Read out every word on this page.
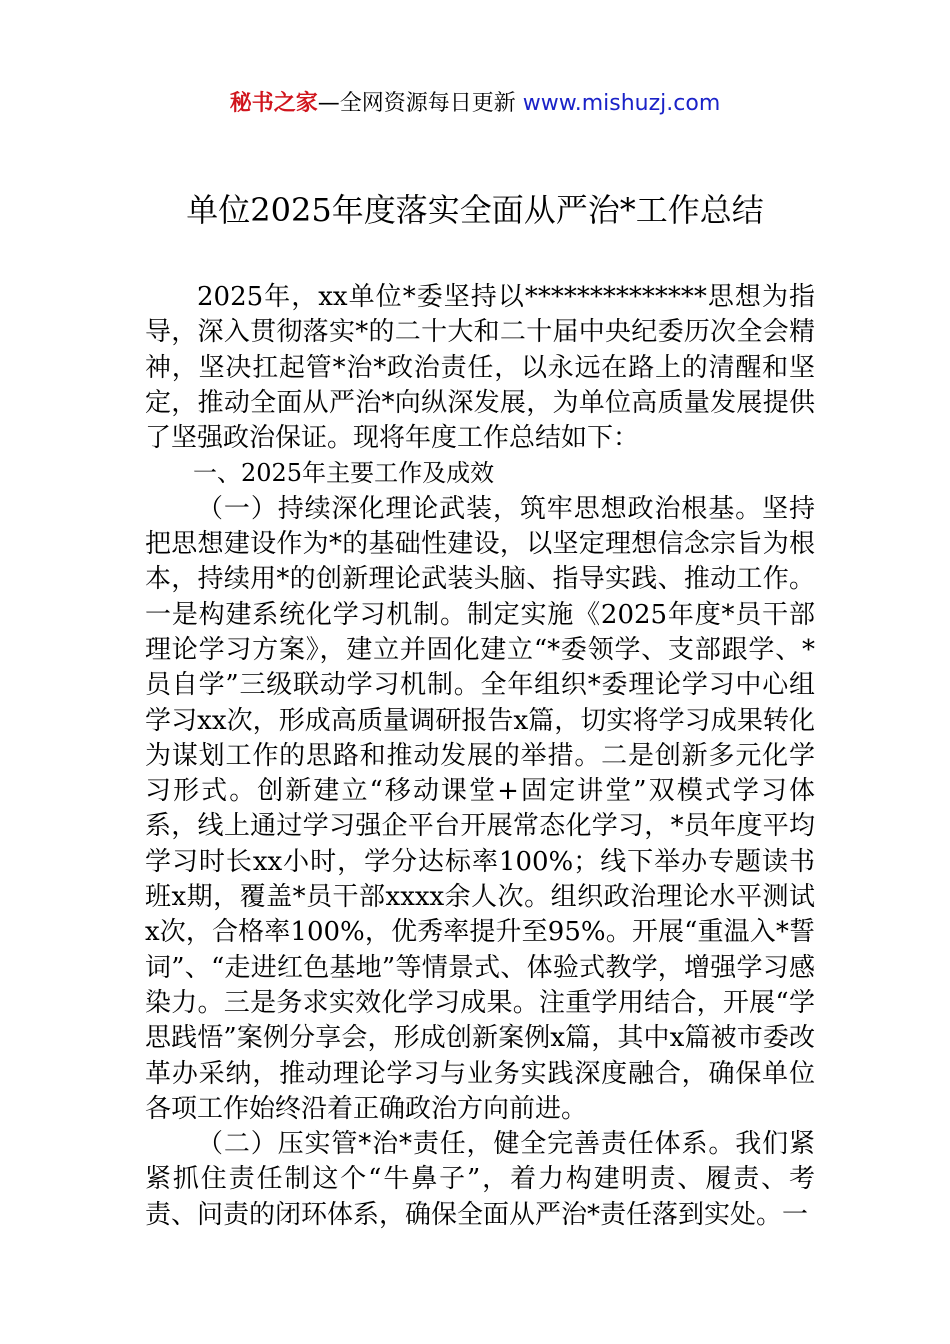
秘书之家—全网资源每日更新 www.mishuzj.com
单位2025年度落实全面从严治*工作总结

2025年，xx单位*委坚持以**************思想为指导，深入贯彻落实*的二十大和二十届中央纪委历次全会精神，坚决扛起管*治*政治责任，以永远在路上的清醒和坚定，推动全面从严治*向纵深发展，为单位高质量发展提供了坚强政治保证。现将年度工作总结如下：

一、2025年主要工作及成效

（一）持续深化理论武装，筑牢思想政治根基。坚持把思想建设作为*的基础性建设，以坚定理想信念宗旨为根本，持续用*的创新理论武装头脑、指导实践、推动工作。一是构建系统化学习机制。制定实施《2025年度*员干部理论学习方案》，建立并固化建立“*委领学、支部跟学、*员自学”三级联动学习机制。全年组织*委理论学习中心组学习xx次，形成高质量调研报告x篇，切实将学习成果转化为谋划工作的思路和推动发展的举措。二是创新多元化学习形式。创新建立“移动课堂+固定讲堂”双模式学习体系，线上通过学习强企平台开展常态化学习，*员年度平均学习时长xx小时，学分达标率100%；线下举办专题读书班x期，覆盖*员干部xxxx余人次。组织政治理论水平测试x次，合格率100%，优秀率提升至95%。开展“重温入*誓词”、“走进红色基地”等情景式、体验式教学，增强学习感染力。三是务求实效化学习成果。注重学用结合，开展“学思践悟”案例分享会，形成创新案例x篇，其中x篇被市委改革办采纳，推动理论学习与业务实践深度融合，确保单位各项工作始终沿着正确政治方向前进。

（二）压实管*治*责任，健全完善责任体系。我们紧紧抓住责任制这个“牛鼻子”，着力构建明责、履责、考责、问责的闭环体系，确保全面从严治*责任落到实处。一
